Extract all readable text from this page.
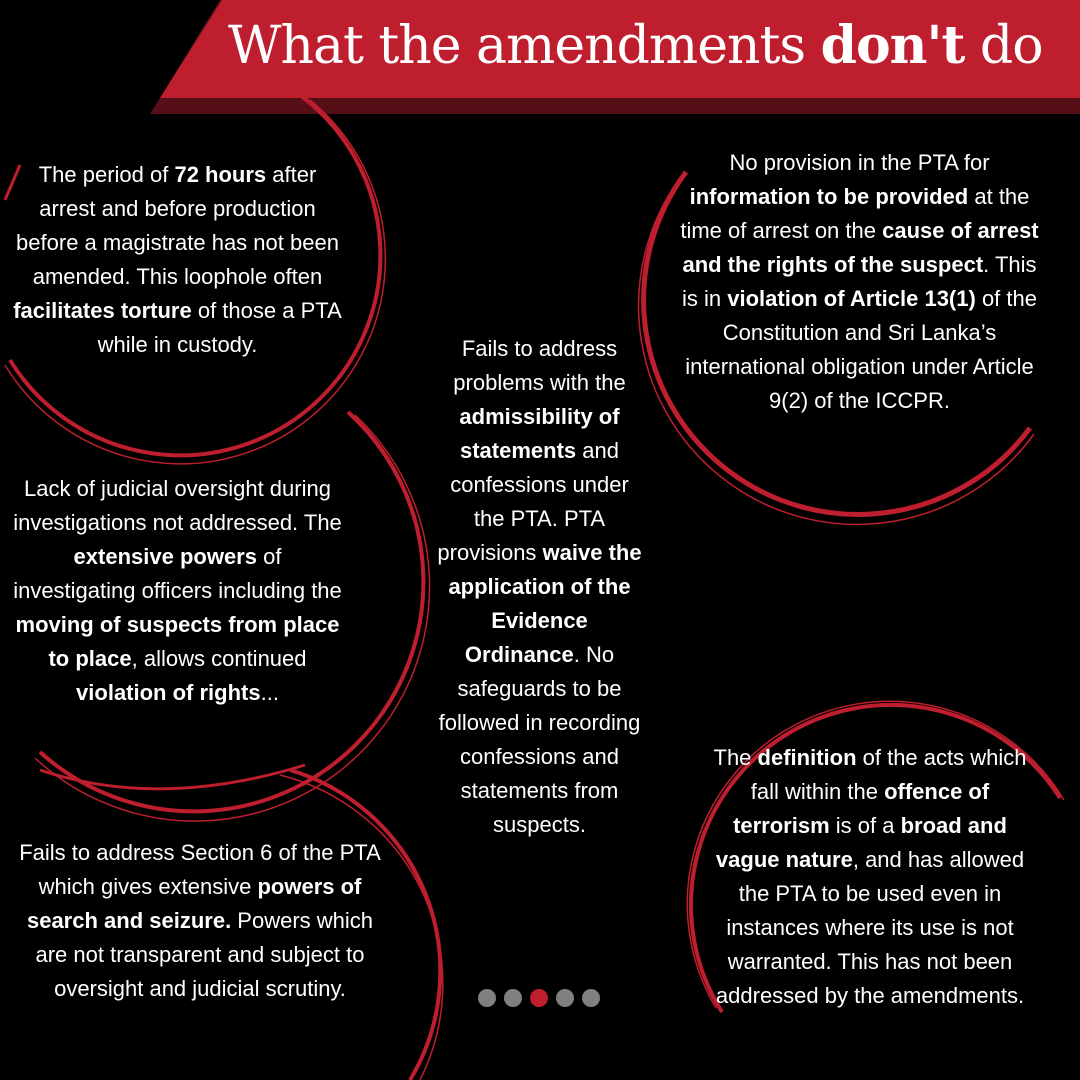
What the amendments don't do
The period of 72 hours after arrest and before production before a magistrate has not been amended. This loophole often facilitates torture of those a PTA while in custody.
Lack of judicial oversight during investigations not addressed. The extensive powers of investigating officers including the moving of suspects from place to place, allows continued violation of rights...
Fails to address Section 6 of the PTA which gives extensive powers of search and seizure. Powers which are not transparent and subject to oversight and judicial scrutiny.
Fails to address problems with the admissibility of statements and confessions under the PTA. PTA provisions waive the application of the Evidence Ordinance. No safeguards to be followed in recording confessions and statements from suspects.
No provision in the PTA for information to be provided at the time of arrest on the cause of arrest and the rights of the suspect. This is in violation of Article 13(1) of the Constitution and Sri Lanka’s international obligation under Article 9(2) of the ICCPR.
The definition of the acts which fall within the offence of terrorism is of a broad and vague nature, and has allowed the PTA to be used even in instances where its use is not warranted. This has not been addressed by the amendments.
